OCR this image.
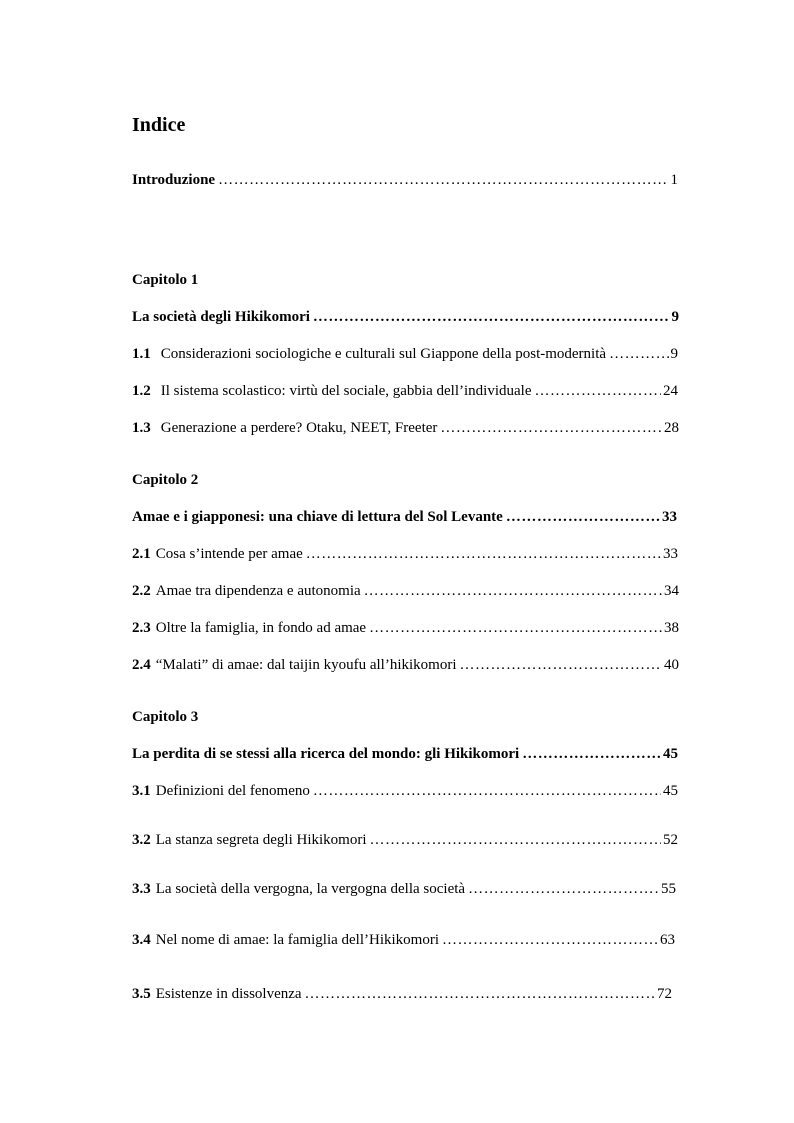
Indice
Introduzione ………………………………………………………………………………………………………………………………………………………………………………	1
Capitolo 1
La società degli Hikikomori ………………………………………………………………………………………………………………………………………………………………………………	9
1.1 Considerazioni sociologiche e culturali sul Giappone della post-modernità ………………………………………………………………………………………………………………………………………………………………………………	9
1.2 Il sistema scolastico: virtù del sociale, gabbia dell’individuale ………………………………………………………………………………………………………………………………………………………………………………	24
1.3 Generazione a perdere? Otaku, NEET, Freeter ………………………………………………………………………………………………………………………………………………………………………………	28
Capitolo 2
Amae e i giapponesi: una chiave di lettura del Sol Levante ………………………………………………………………………………………………………………………………………………………………………………	33
2.1 Cosa s’intende per amae ………………………………………………………………………………………………………………………………………………………………………………	33
2.2 Amae tra dipendenza e autonomia ………………………………………………………………………………………………………………………………………………………………………………	34
2.3 Oltre la famiglia, in fondo ad amae ………………………………………………………………………………………………………………………………………………………………………………	38
2.4 “Malati” di amae: dal taijin kyoufu all’hikikomori ………………………………………………………………………………………………………………………………………………………………………………	40
Capitolo 3
La perdita di se stessi alla ricerca del mondo: gli Hikikomori ………………………………………………………………………………………………………………………………………………………………………………	45
3.1 Definizioni del fenomeno ………………………………………………………………………………………………………………………………………………………………………………	45
3.2 La stanza segreta degli Hikikomori ………………………………………………………………………………………………………………………………………………………………………………	52
3.3 La società della vergogna, la vergogna della società ………………………………………………………………………………………………………………………………………………………………………………	55
3.4 Nel nome di amae: la famiglia dell’Hikikomori ………………………………………………………………………………………………………………………………………………………………………………	63
3.5 Esistenze in dissolvenza ………………………………………………………………………………………………………………………………………………………………………………	72
